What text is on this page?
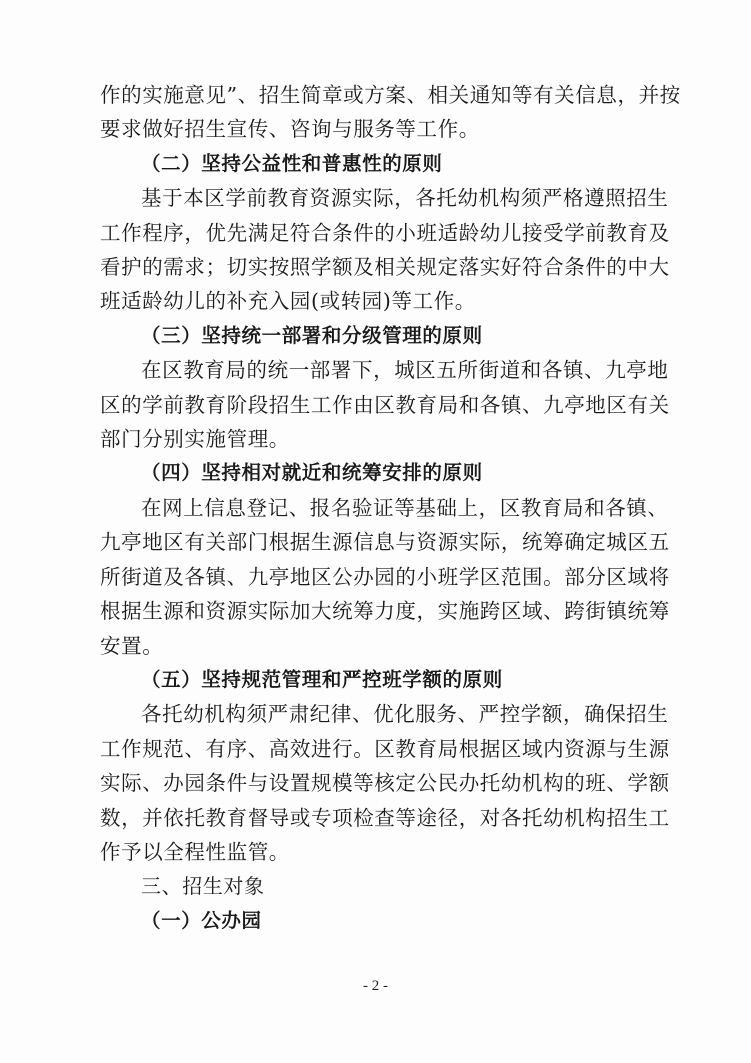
作的实施意见”、招生简章或方案、相关通知等有关信息，并按
要求做好招生宣传、咨询与服务等工作。
（二）坚持公益性和普惠性的原则
基于本区学前教育资源实际，各托幼机构须严格遵照招生
工作程序，优先满足符合条件的小班适龄幼儿接受学前教育及
看护的需求；切实按照学额及相关规定落实好符合条件的中大
班适龄幼儿的补充入园(或转园)等工作。
（三）坚持统一部署和分级管理的原则
在区教育局的统一部署下，城区五所街道和各镇、九亭地
区的学前教育阶段招生工作由区教育局和各镇、九亭地区有关
部门分别实施管理。
（四）坚持相对就近和统筹安排的原则
在网上信息登记、报名验证等基础上，区教育局和各镇、
九亭地区有关部门根据生源信息与资源实际，统筹确定城区五
所街道及各镇、九亭地区公办园的小班学区范围。部分区域将
根据生源和资源实际加大统筹力度，实施跨区域、跨街镇统筹
安置。
（五）坚持规范管理和严控班学额的原则
各托幼机构须严肃纪律、优化服务、严控学额，确保招生
工作规范、有序、高效进行。区教育局根据区域内资源与生源
实际、办园条件与设置规模等核定公民办托幼机构的班、学额
数，并依托教育督导或专项检查等途径，对各托幼机构招生工
作予以全程性监管。
三、招生对象
（一）公办园
- 2 -
